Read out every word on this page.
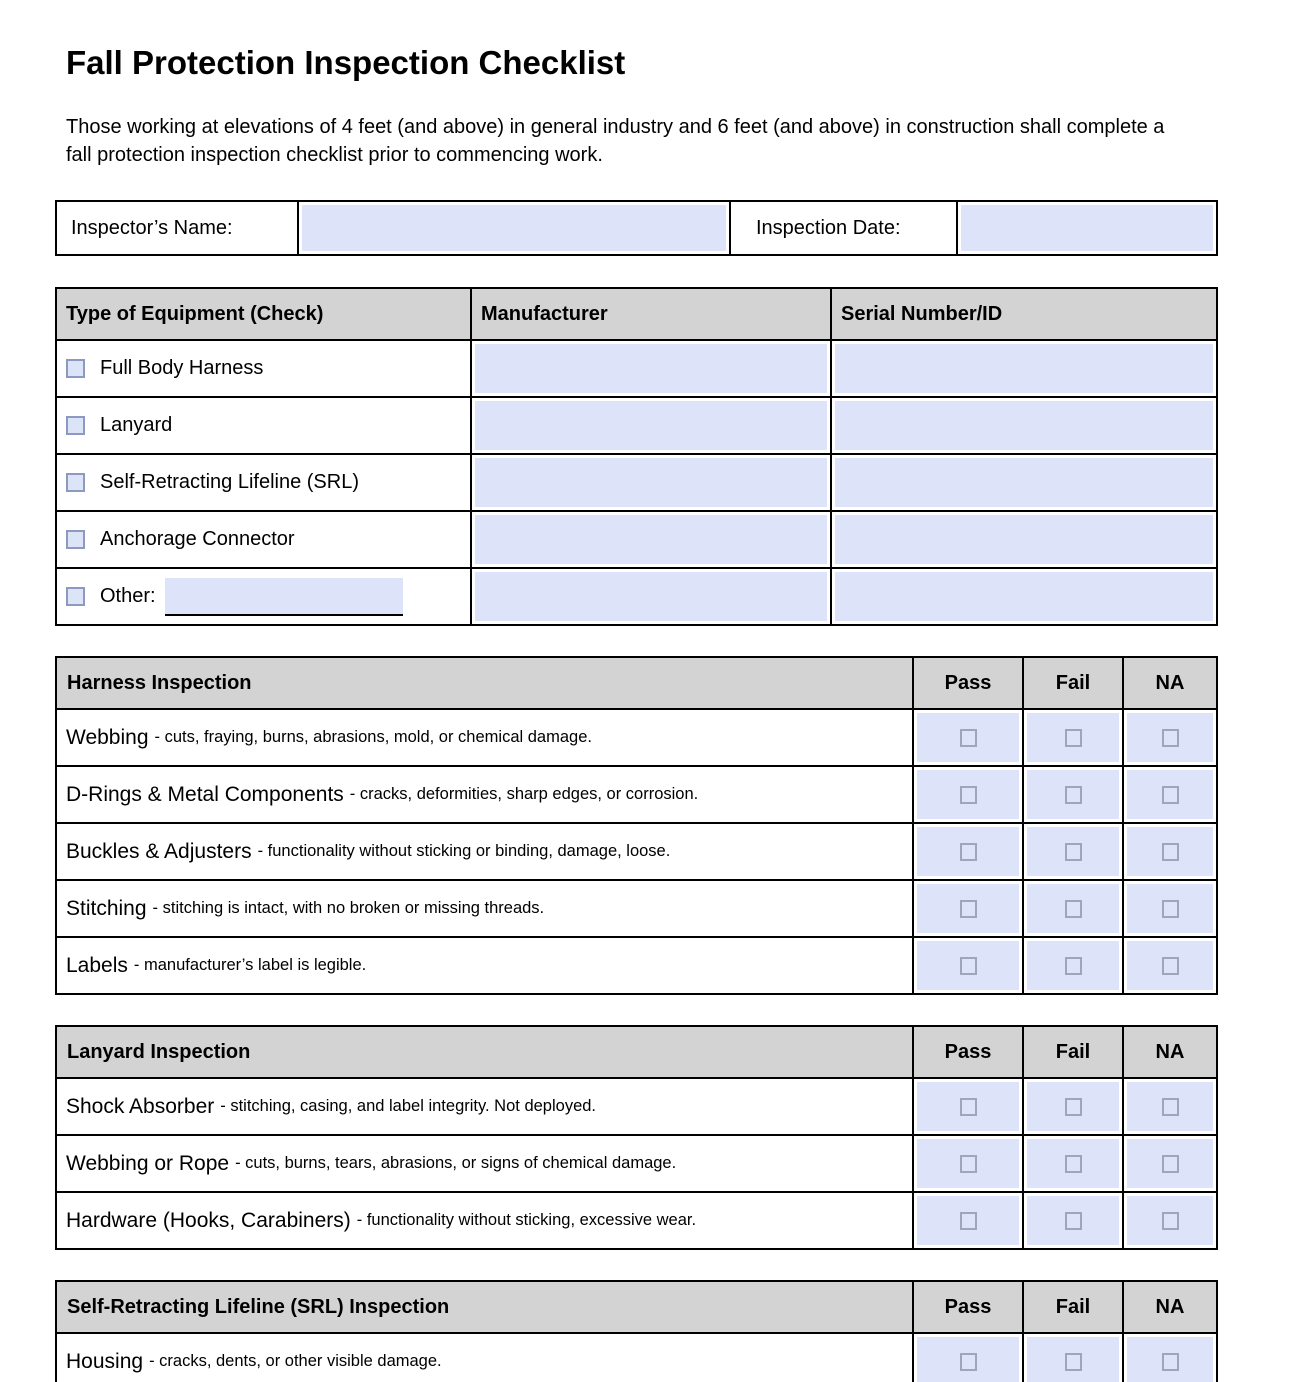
Fall Protection Inspection Checklist
Those working at elevations of 4 feet (and above) in general industry and 6 feet (and above) in construction shall complete a fall protection inspection checklist prior to commencing work.
Inspector’s Name:	Inspection Date:
Type of Equipment (Check)	Manufacturer	Serial Number/ID
Full Body Harness
Lanyard
Self-Retracting Lifeline (SRL)
Anchorage Connector
Other:
Harness Inspection	Pass	Fail	NA
Webbing - cuts, fraying, burns, abrasions, mold, or chemical damage.
D-Rings & Metal Components - cracks, deformities, sharp edges, or corrosion.
Buckles & Adjusters - functionality without sticking or binding, damage, loose.
Stitching - stitching is intact, with no broken or missing threads.
Labels - manufacturer’s label is legible.
Lanyard Inspection	Pass	Fail	NA
Shock Absorber - stitching, casing, and label integrity. Not deployed.
Webbing or Rope - cuts, burns, tears, abrasions, or signs of chemical damage.
Hardware (Hooks, Carabiners) - functionality without sticking, excessive wear.
Self-Retracting Lifeline (SRL) Inspection	Pass	Fail	NA
Housing - cracks, dents, or other visible damage.
